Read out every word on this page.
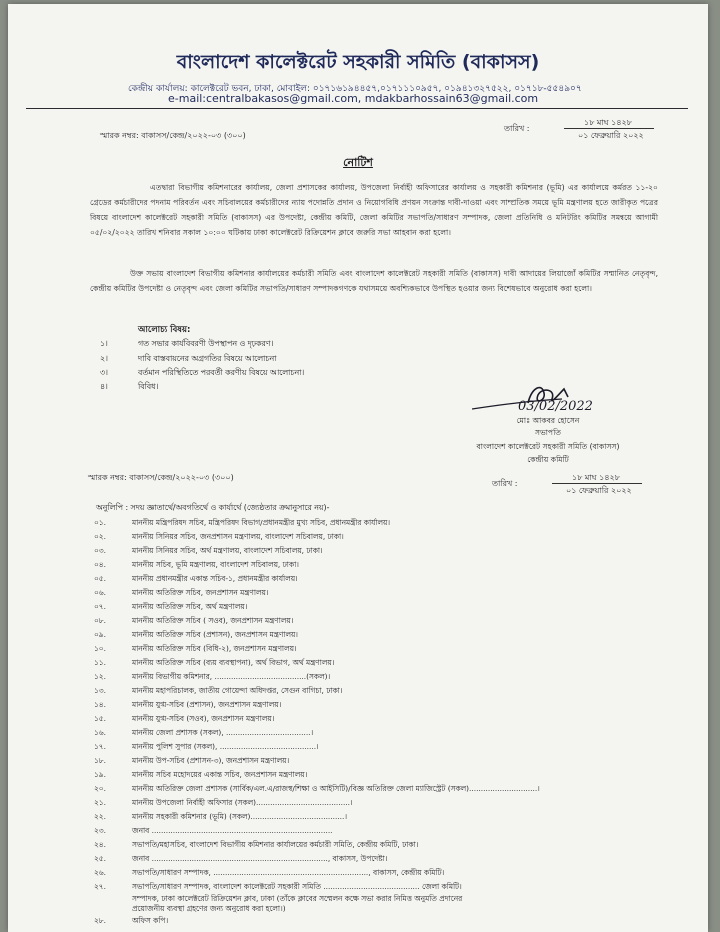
বাংলাদেশ কালেক্টরেট সহকারী সমিতি (বাকাসস)
কেন্দ্রীয় কার্যালয়: কালেক্টরেট ভবন, ঢাকা, মোবাইল: ০১৭১৬১৯৪৪৫৭,০১৭১১১০৯৫৭, ০১৯৪১৩২৭৫২২, ০১৭১৮-৫৫৪৯০৭
e-mail:centralbakasos@gmail.com, mdakbarhossain63@gmail.com
স্মারক নম্বর: বাকাসস/কেন্দ্র/২০২২-০৩ (৩০০)
তারিখ :
১৮ মাঘ ১৪২৮
০১ ফেব্রুয়ারি ২০২২
নোটিশ
এতদ্বারা বিভাগীয় কমিশনারের কার্যালয়, জেলা প্রশাসকের কার্যালয়, উপজেলা নির্বাহী অফিসারের কার্যালয় ও সহকারী কমিশনার (ভূমি) এর কার্যালয়ে কর্মরত ১১-২০ গ্রেডের কর্মচারীদের পদনাম পরিবর্তন এবং সচিবালয়ের কর্মচারীদের ন্যায় পদোন্নতি প্রদান ও নিয়োগবিধি প্রণয়ন সংক্রান্ত দাবী-দাওয়া এবং সাম্প্রতিক সময়ে ভূমি মন্ত্রণালয় হতে জারীকৃত পত্রের বিষয়ে বাংলাদেশ কালেক্টরেট সহকারী সমিতি (বাকাসস) এর উপদেষ্টা, কেন্দ্রীয় কমিটি, জেলা কমিটির সভাপতি/সাধারণ সম্পাদক, জেলা প্রতিনিধি ও মনিটরিং কমিটির সমন্বয়ে আগামী ০৫/০২/২০২২ তারিখ শনিবার সকাল ১০:০০ ঘটিকায় ঢাকা কালেক্টরেট রিক্রিয়েশন ক্লাবে জরুরি সভা আহবান করা হলো।
উক্ত সভায় বাংলাদেশ বিভাগীয় কমিশনার কার্যালয়ের কর্মচারী সমিতি এবং বাংলাদেশ কালেক্টরেট সহকারী সমিতি (বাকাসস) দাবী আদায়ের লিয়াজোঁ কমিটির সম্মানিত নেতৃবৃন্দ, কেন্দ্রীয় কমিটির উপদেষ্টা ও নেতৃবৃন্দ এবং জেলা কমিটির সভাপতি/সাধারণ সম্পাদকগণকে যথাসময়ে অবশ্যিকভাবে উপস্থিত হওয়ার জন্য বিশেষভাবে অনুরোধ করা হলো।
আলোচ্য বিষয়:
১।	গত সভার কার্যবিবরণী উপস্থাপন ও দৃঢ়করণ।
২।	দাবি বাস্তবায়নের অগ্রগতির বিষয়ে আলোচনা
৩।	বর্তমান পরিস্থিতিতে পরবর্তী করণীয় বিষয়ে আলোচনা।
৪।	বিবিধ।
03/02/2022
মোঃ আকবর হোসেন
সভাপতি
বাংলাদেশ কালেক্টরেট সহকারী সমিতি (বাকাসস)
কেন্দ্রীয় কমিটি
স্মারক নম্বর: বাকাসস/কেন্দ্র/২০২২-০৩ (৩০০)
তারিখ :
১৮ মাঘ ১৪২৮
০১ ফেব্রুয়ারি ২০২২
অনুলিপি : সদয় জ্ঞাতার্থে/অবগতির্থে ও কার্যার্থে (জ্যেষ্ঠতার ক্রমানুসারে নয়)-
০১.	মাননীয় মন্ত্রিপরিষদ সচিব, মন্ত্রিপরিষদ বিভাগ/প্রধানমন্ত্রীর মুখ্য সচিব, প্রধানমন্ত্রীর কার্যালয়।
০২.	মাননীয় সিনিয়র সচিব, জনপ্রশাসন মন্ত্রণালয়, বাংলাদেশ সচিবালয়, ঢাকা।
০৩.	মাননীয় সিনিয়র সচিব, অর্থ মন্ত্রণালয়, বাংলাদেশ সচিবালয়, ঢাকা।
০৪.	মাননীয় সচিব, ভূমি মন্ত্রণালয়, বাংলাদেশ সচিবালয়, ঢাকা।
০৫.	মাননীয় প্রধানমন্ত্রীর একান্ত সচিব-১, প্রধানমন্ত্রীর কার্যালয়।
০৬.	মাননীয় অতিরিক্ত সচিব, জনপ্রশাসন মন্ত্রণালয়।
০৭.	মাননীয় অতিরিক্ত সচিব, অর্থ মন্ত্রণালয়।
০৮.	মাননীয় অতিরিক্ত সচিব ( সওব), জনপ্রশাসন মন্ত্রণালয়।
০৯.	মাননীয় অতিরিক্ত সচিব (প্রশাসন), জনপ্রশাসন মন্ত্রণালয়।
১০.	মাননীয় অতিরিক্ত সচিব (বিধি-২), জনপ্রশাসন মন্ত্রণালয়।
১১.	মাননীয় অতিরিক্ত সচিব (ব্যয় ব্যবস্থাপনা), অর্থ বিভাগ, অর্থ মন্ত্রণালয়।
১২.	মাননীয় বিভাগীয় কমিশনার, .......................................(সকল)।
১৩.	মাননীয় মহাপরিচালক, জাতীয় গোয়েন্দা অধিদপ্তর, সেগুন বাগিচা, ঢাকা।
১৪.	মাননীয় যুগ্ম-সচিব (প্রশাসন), জনপ্রশাসন মন্ত্রণালয়।
১৫.	মাননীয় যুগ্ম-সচিব (সওব), জনপ্রশাসন মন্ত্রণালয়।
১৬.	মাননীয় জেলা প্রশাসক (সকল), ....................................।
১৭.	মাননীয় পুলিশ সুপার (সকল), .........................................।
১৮.	মাননীয় উপ-সচিব (প্রশাসন-৩), জনপ্রশাসন মন্ত্রণালয়।
১৯.	মাননীয় সচিব মহোদয়ের একান্ত সচিব, জনপ্রশাসন মন্ত্রণালয়।
২০.	মাননীয় অতিরিক্ত জেলা প্রশাসক (সার্বিক/এল.এ/রাজস্ব/শিক্ষা ও আইসিটি)/বিজ্ঞ অতিরিক্ত জেলা ম্যাজিস্ট্রেট (সকল).............................।
২১.	মাননীয় উপজেলা নির্বাহী অফিসার (সকল)........................................।
২২.	মাননীয় সহকারী কমিশনার (ভূমি) (সকল)........................................।
২৩.	জনাব .............................................................................
২৪.	সভাপতি/মহাসচিব, বাংলাদেশ বিভাগীয় কমিশনার কার্যালয়ের কর্মচারী সমিতি, কেন্দ্রীয় কমিটি, ঢাকা।
২৫.	জনাব ..........................................................................., বাকাসস, উপদেষ্টা।
২৬.	সভাপতি/সাধারণ সম্পাদক, .................................................................., বাকাসস, কেন্দ্রীয় কমিটি।
২৭.	সভাপতি/সাধারণ সম্পাদক, বাংলাদেশ কালেক্টরেট সহকারী সমিতি ......................................... জেলা কমিটি।
সম্পাদক, ঢাকা কালেক্টরেট রিক্রিয়েশন ক্লাব, ঢাকা (তাঁকে ক্লাবের সম্মেলন কক্ষে সভা করার নিমিত্ত অনুমতি প্রদানের
প্রয়োজনীয় ব্যবস্থা গ্রহণের জন্য অনুরোধ করা হলো।)
২৮.	অফিস কপি।
